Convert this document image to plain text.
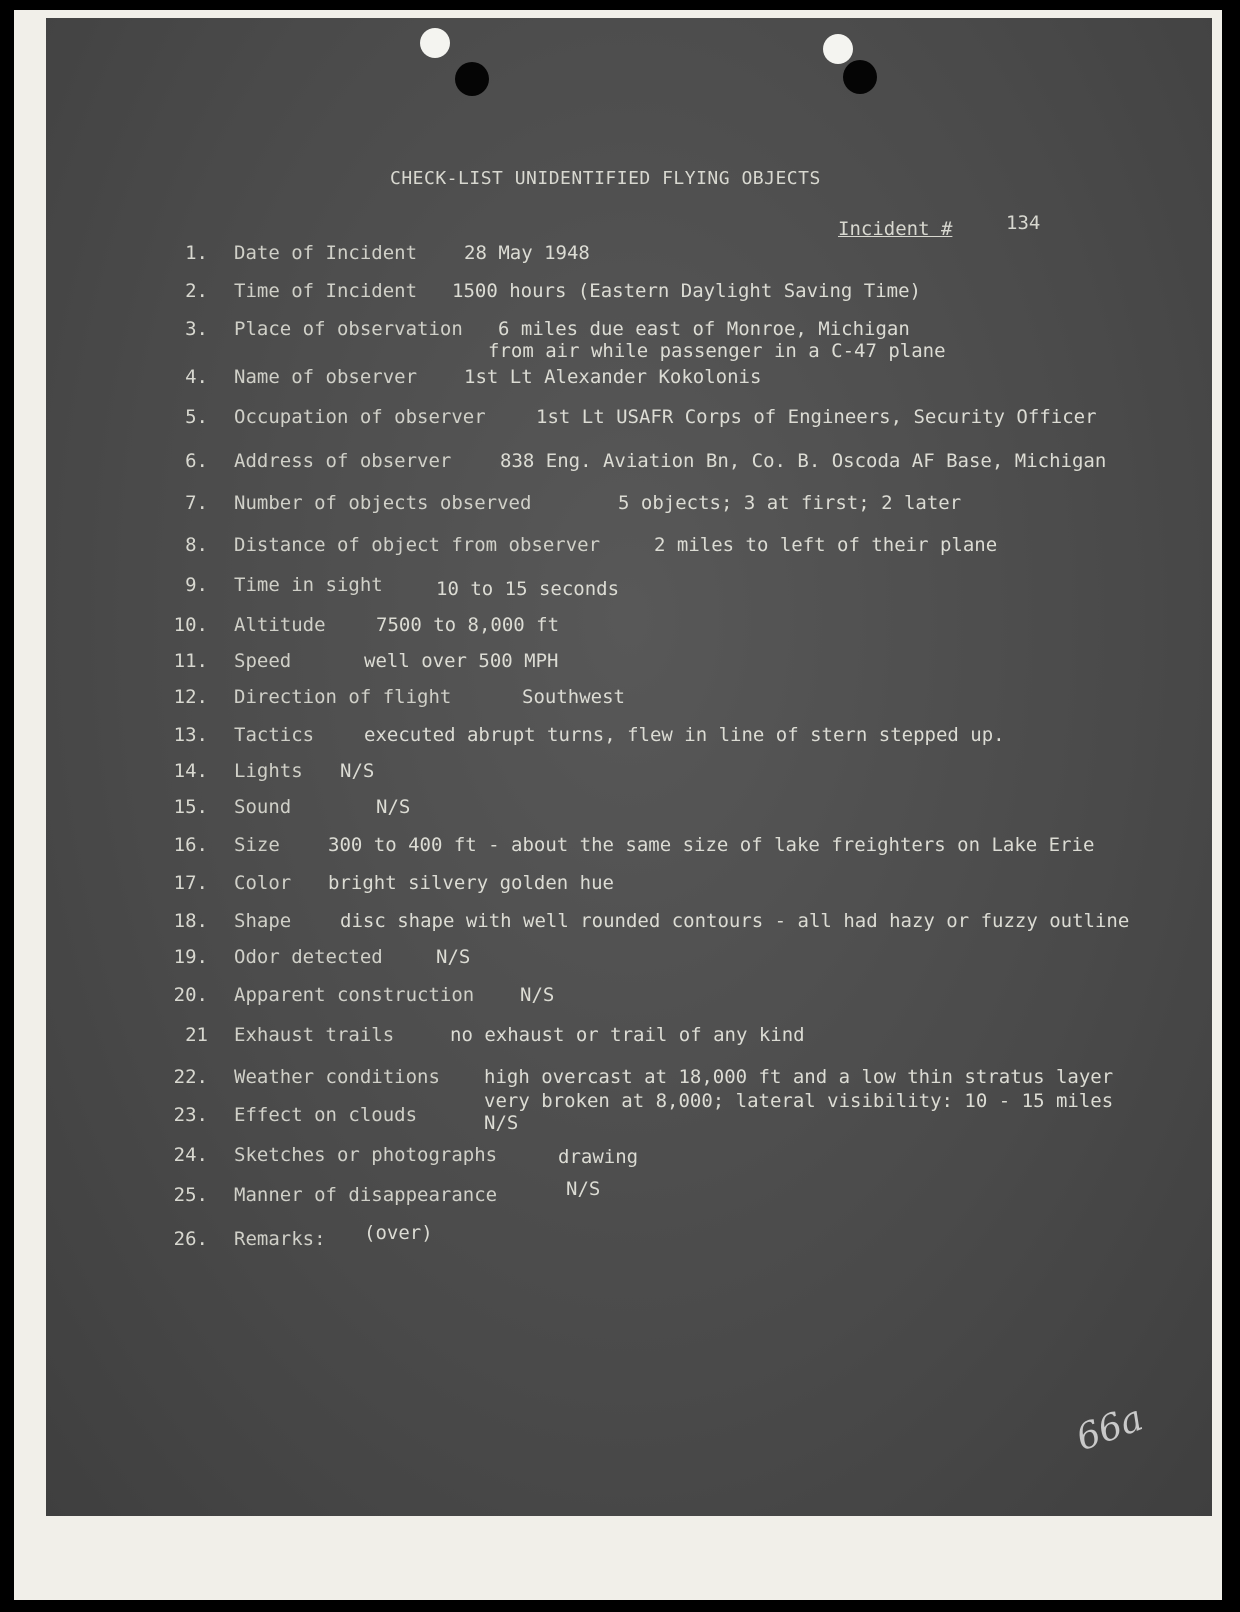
CHECK-LIST UNIDENTIFIED FLYING OBJECTS
Incident #	134
1. Date of Incident 28 May 1948
2. Time of Incident 1500 hours (Eastern Daylight Saving Time)
3. Place of observation 6 miles due east of Monroe, Michigan
from air while passenger in a C-47 plane
4. Name of observer 1st Lt Alexander Kokolonis
5. Occupation of observer	1st Lt USAFR Corps of Engineers, Security Officer
6. Address of observer	838 Eng. Aviation Bn, Co. B. Oscoda AF Base, Michigan
7. Number of objects observed	5 objects; 3 at first; 2 later
8. Distance of object from observer	2 miles to left of their plane
9. Time in sight	10 to 15 seconds
10. Altitude	7500 to 8,000 ft
11. Speed	well over 500 MPH
12. Direction of flight	Southwest
13. Tactics	executed abrupt turns, flew in line of stern stepped up.
14. Lights N/S
15. Sound	N/S
16. Size	300 to 400 ft - about the same size of lake freighters on Lake Erie
17. Color bright silvery golden hue
18. Shape	disc shape with well rounded contours - all had hazy or fuzzy outline
19. Odor detected	N/S
20. Apparent construction N/S
21 Exhaust trails	no exhaust or trail of any kind
22. Weather conditions high overcast at 18,000 ft and a low thin stratus layer
very broken at 8,000; lateral visibility: 10 - 15 miles
23. Effect on clouds	N/S
24. Sketches or photographs	drawing
25. Manner of disappearance	N/S
26. Remarks: (over)
66a
